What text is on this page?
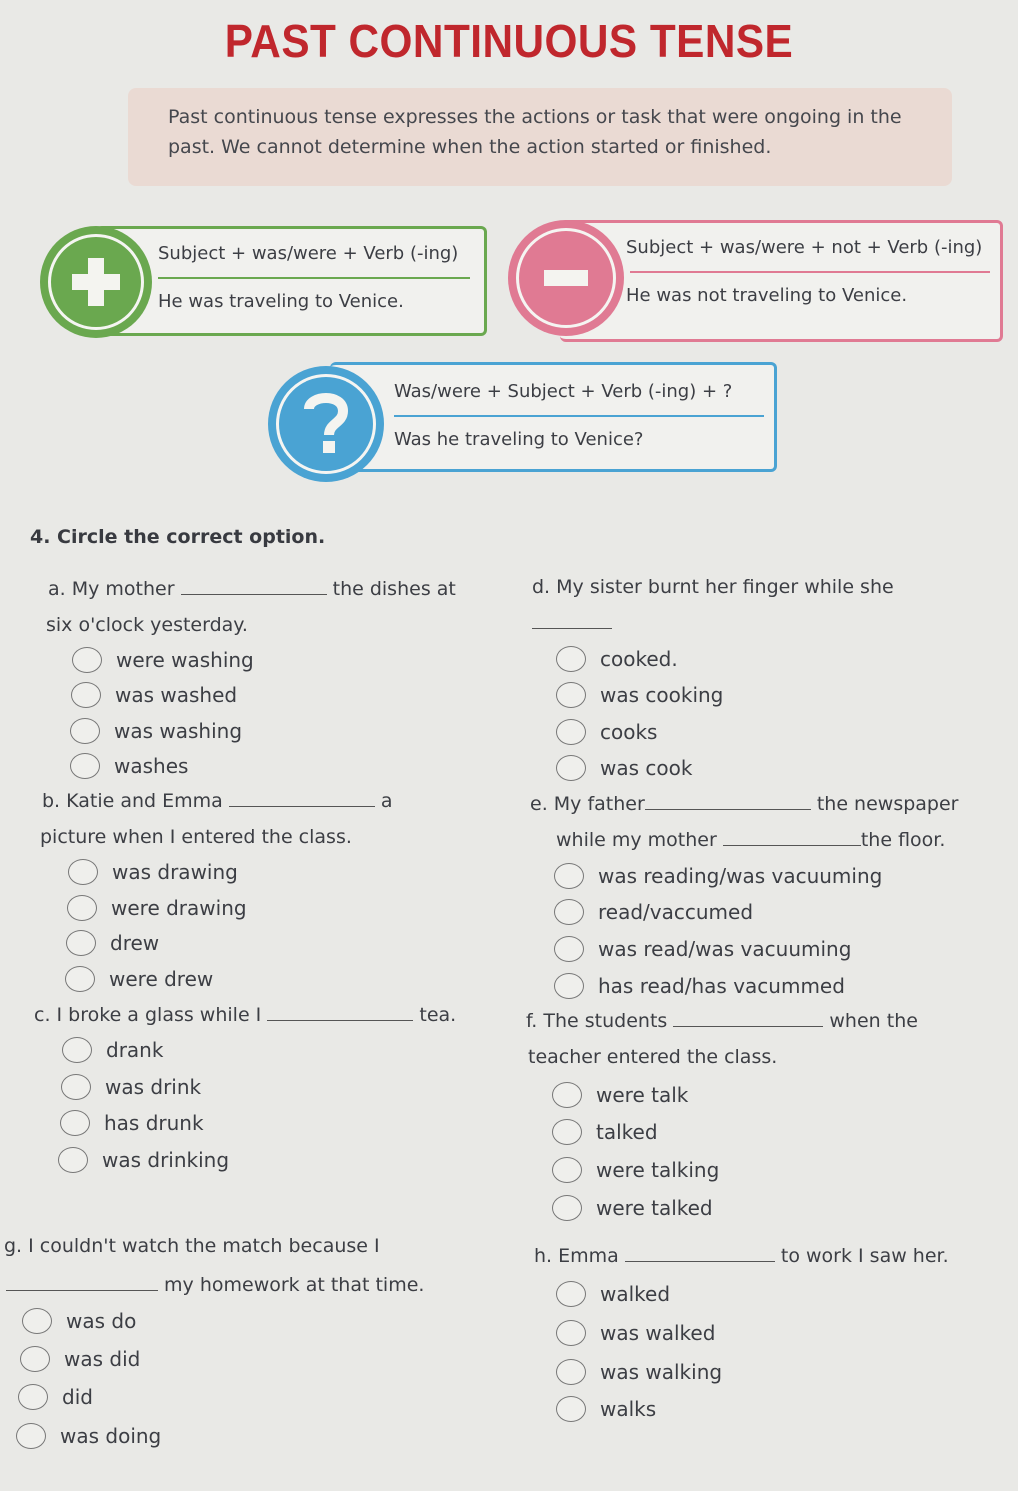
PAST CONTINUOUS TENSE
Past continuous tense expresses the actions or task that were ongoing in the past. We cannot determine when the action started or finished.
Subject + was/were + Verb (-ing)
He was traveling to Venice.
Subject + was/were + not + Verb (-ing)
He was not traveling to Venice.
Was/were + Subject + Verb (-ing) + ?
Was he traveling to Venice?
4. Circle the correct option.
a. My mother	the dishes at
six o'clock yesterday.
were washing
was washed
was washing
washes
b. Katie and Emma	a
picture when I entered the class.
was drawing
were drawing
drew
were drew
c. I broke a glass while I	tea.
drank
was drink
has drunk
was drinking
d. My sister burnt her finger while she
cooked.
was cooking
cooks
was cook
e. My father	the newspaper
while my mother	the floor.
was reading/was vacuuming
read/vaccumed
was read/was vacuuming
has read/has vacummed
f. The students	when the
teacher entered the class.
were talk
talked
were talking
were talked
g. I couldn't watch the match because I
my homework at that time.
was do
was did
did
was doing
h. Emma	to work I saw her.
walked
was walked
was walking
walks
